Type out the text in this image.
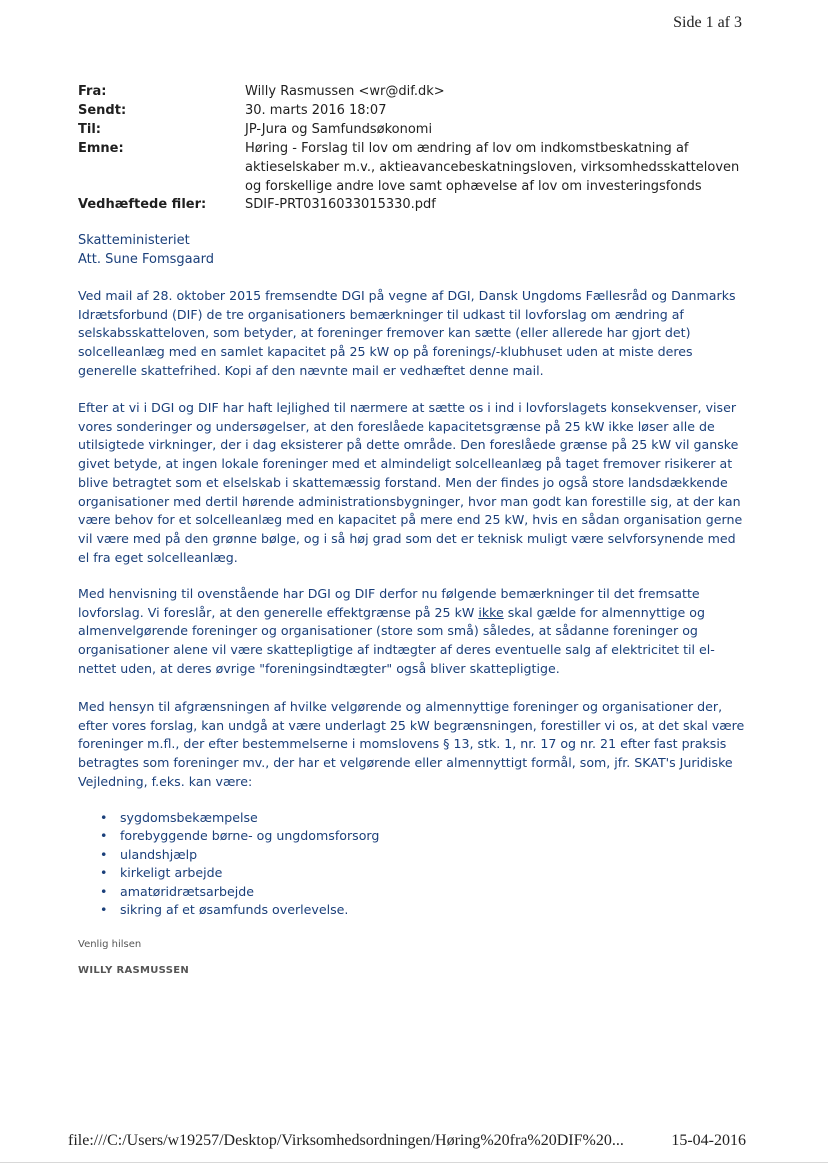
Side 1 af 3
Fra:	Willy Rasmussen <wr@dif.dk>
Sendt:	30. marts 2016 18:07
Til:	JP-Jura og Samfundsøkonomi
Emne:	Høring - Forslag til lov om ændring af lov om indkomstbeskatning af aktieselskaber m.v., aktieavancebeskatningsloven, virksomhedsskatteloven og forskellige andre love samt ophævelse af lov om investeringsfonds
Vedhæftede filer:	SDIF-PRT0316033015330.pdf
Skatteministeriet
Att. Sune Fomsgaard

Ved mail af 28. oktober 2015 fremsendte DGI på vegne af DGI, Dansk Ungdoms Fællesråd og Danmarks Idrætsforbund (DIF) de tre organisationers bemærkninger til udkast til lovforslag om ændring af selskabsskatteloven, som betyder, at foreninger fremover kan sætte (eller allerede har gjort det) solcelleanlæg med en samlet kapacitet på 25 kW op på forenings/-klubhuset uden at miste deres generelle skattefrihed. Kopi af den nævnte mail er vedhæftet denne mail.

Efter at vi i DGI og DIF har haft lejlighed til nærmere at sætte os i ind i lovforslagets konsekvenser, viser vores sonderinger og undersøgelser, at den foreslåede kapacitetsgrænse på 25 kW ikke løser alle de utilsigtede virkninger, der i dag eksisterer på dette område. Den foreslåede grænse på 25 kW vil ganske givet betyde, at ingen lokale foreninger med et almindeligt solcelleanlæg på taget fremover risikerer at blive betragtet som et elselskab i skattemæssig forstand. Men der findes jo også store landsdækkende organisationer med dertil hørende administrationsbygninger, hvor man godt kan forestille sig, at der kan være behov for et solcelleanlæg med en kapacitet på mere end 25 kW, hvis en sådan organisation gerne vil være med på den grønne bølge, og i så høj grad som det er teknisk muligt være selvforsynende med el fra eget solcelleanlæg.

Med henvisning til ovenstående har DGI og DIF derfor nu følgende bemærkninger til det fremsatte lovforslag. Vi foreslår, at den generelle effektgrænse på 25 kW ikke skal gælde for almennyttige og almenvelgørende foreninger og organisationer (store som små) således, at sådanne foreninger og organisationer alene vil være skattepligtige af indtægter af deres eventuelle salg af elektricitet til el-nettet uden, at deres øvrige "foreningsindtægter" også bliver skattepligtige.

Med hensyn til afgrænsningen af hvilke velgørende og almennyttige foreninger og organisationer der, efter vores forslag, kan undgå at være underlagt 25 kW begrænsningen, forestiller vi os, at det skal være foreninger m.fl., der efter bestemmelserne i momslovens § 13, stk. 1, nr. 17 og nr. 21 efter fast praksis betragtes som foreninger mv., der har et velgørende eller almennyttigt formål, som, jfr. SKAT's Juridiske Vejledning, f.eks. kan være:

• sygdomsbekæmpelse
• forebyggende børne- og ungdomsforsorg
• ulandshjælp
• kirkeligt arbejde
• amatøridrætsarbejde
• sikring af et øsamfunds overlevelse.
Venlig hilsen
WILLY RASMUSSEN
file:///C:/Users/w19257/Desktop/Virksomhedsordningen/Høring%20fra%20DIF%20...	15-04-2016
